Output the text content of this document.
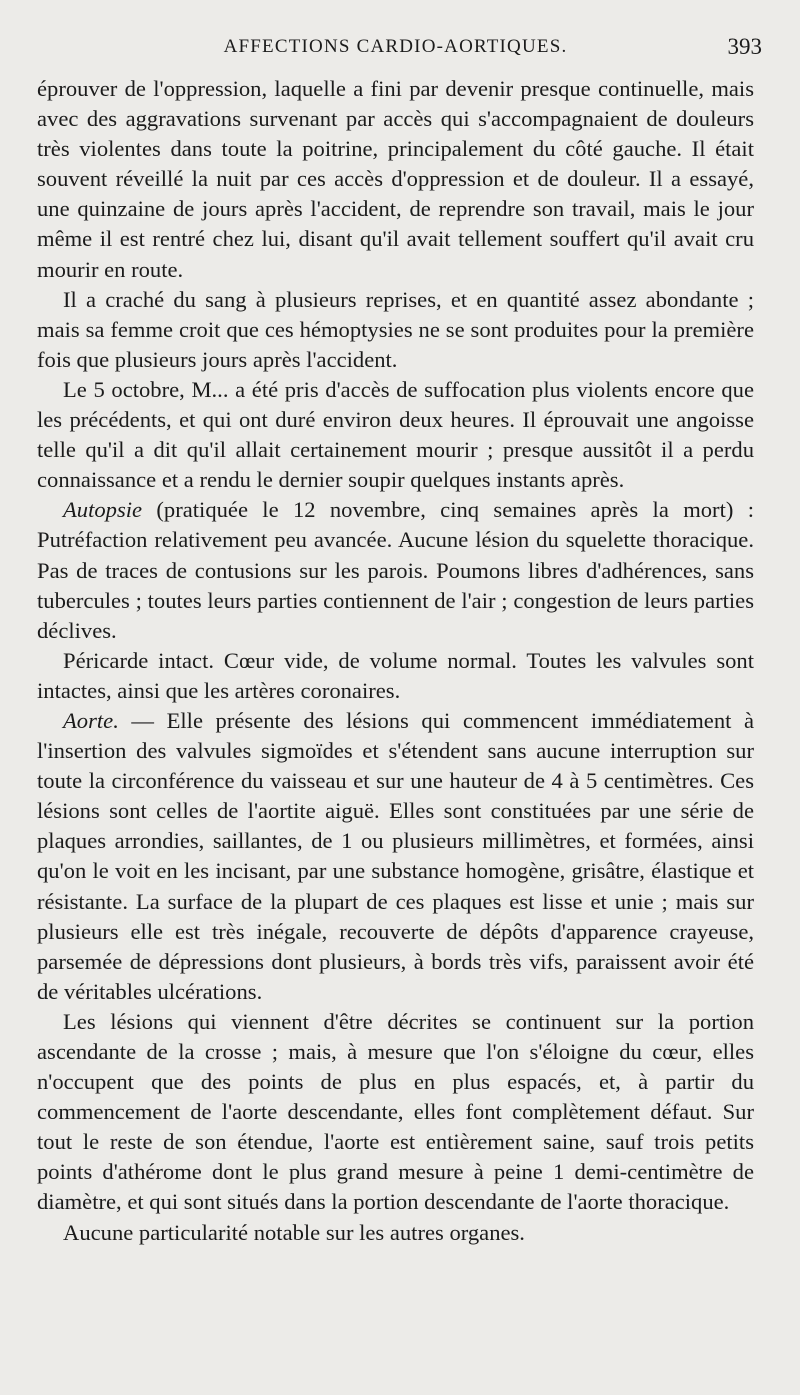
AFFECTIONS CARDIO-AORTIQUES.	393

éprouver de l'oppression, laquelle a fini par devenir presque continuelle, mais avec des aggravations survenant par accès qui s'accompagnaient de douleurs très violentes dans toute la poitrine, principalement du côté gauche. Il était souvent réveillé la nuit par ces accès d'oppression et de douleur. Il a essayé, une quinzaine de jours après l'accident, de reprendre son travail, mais le jour même il est rentré chez lui, disant qu'il avait tellement souffert qu'il avait cru mourir en route.

Il a craché du sang à plusieurs reprises, et en quantité assez abondante ; mais sa femme croit que ces hémoptysies ne se sont produites pour la première fois que plusieurs jours après l'accident.

Le 5 octobre, M... a été pris d'accès de suffocation plus violents encore que les précédents, et qui ont duré environ deux heures. Il éprouvait une angoisse telle qu'il a dit qu'il allait certainement mourir ; presque aussitôt il a perdu connaissance et a rendu le dernier soupir quelques instants après.

Autopsie (pratiquée le 12 novembre, cinq semaines après la mort) : Putréfaction relativement peu avancée. Aucune lésion du squelette thoracique. Pas de traces de contusions sur les parois. Poumons libres d'adhérences, sans tubercules ; toutes leurs parties contiennent de l'air ; congestion de leurs parties déclives.

Péricarde intact. Cœur vide, de volume normal. Toutes les valvules sont intactes, ainsi que les artères coronaires.

Aorte. — Elle présente des lésions qui commencent immédiatement à l'insertion des valvules sigmoïdes et s'étendent sans aucune interruption sur toute la circonférence du vaisseau et sur une hauteur de 4 à 5 centimètres. Ces lésions sont celles de l'aortite aiguë. Elles sont constituées par une série de plaques arrondies, saillantes, de 1 ou plusieurs millimètres, et formées, ainsi qu'on le voit en les incisant, par une substance homogène, grisâtre, élastique et résistante. La surface de la plupart de ces plaques est lisse et unie ; mais sur plusieurs elle est très inégale, recouverte de dépôts d'apparence crayeuse, parsemée de dépressions dont plusieurs, à bords très vifs, paraissent avoir été de véritables ulcérations.

Les lésions qui viennent d'être décrites se continuent sur la portion ascendante de la crosse ; mais, à mesure que l'on s'éloigne du cœur, elles n'occupent que des points de plus en plus espacés, et, à partir du commencement de l'aorte descendante, elles font complètement défaut. Sur tout le reste de son étendue, l'aorte est entièrement saine, sauf trois petits points d'athérome dont le plus grand mesure à peine 1 demi-centimètre de diamètre, et qui sont situés dans la portion descendante de l'aorte thoracique.

Aucune particularité notable sur les autres organes.
